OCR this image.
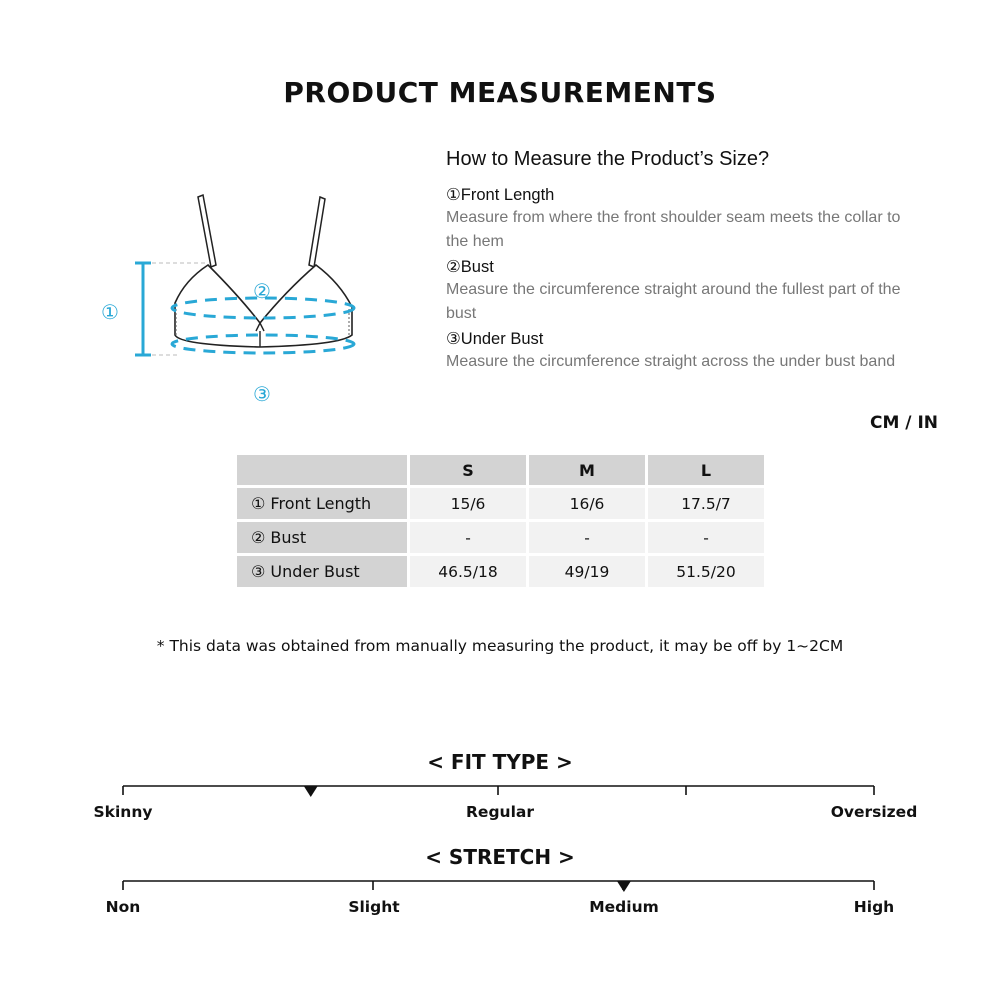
PRODUCT MEASUREMENTS
①
②
③
How to Measure the Product’s Size?
①Front Length
Measure from where the front shoulder seam meets the collar to the hem
②Bust
Measure the circumference straight around the fullest part of the bust
③Under Bust
Measure the circumference straight across the under bust band
CM / IN
	S	M	L
① Front Length	15/6	16/6	17.5/7
② Bust	-	-	-
③ Under Bust	46.5/18	49/19	51.5/20
* This data was obtained from manually measuring the product, it may be off by 1~2CM
< FIT TYPE >
Skinny	Regular	Oversized
< STRETCH >
Non	Slight	Medium	High
